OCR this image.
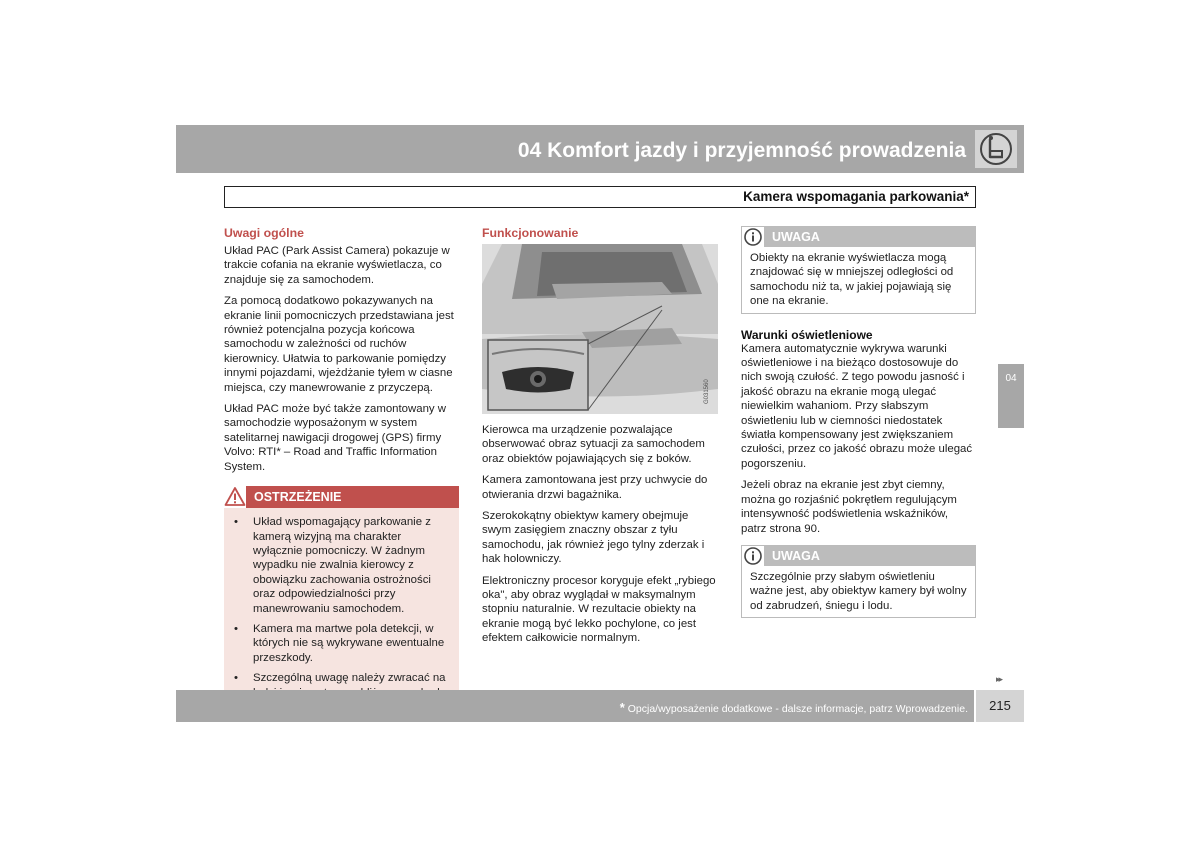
04 Komfort jazdy i przyjemność prowadzenia
Kamera wspomagania parkowania*
Uwagi ogólne

Układ PAC (Park Assist Camera) pokazuje w trakcie cofania na ekranie wyświetlacza, co znajduje się za samochodem.

Za pomocą dodatkowo pokazywanych na ekranie linii pomocniczych przedstawiana jest również potencjalna pozycja końcowa samochodu w zależności od ruchów kierownicy. Ułatwia to parkowanie pomiędzy innymi pojazdami, wjeżdżanie tyłem w ciasne miejsca, czy manewrowanie z przyczepą.

Układ PAC może być także zamontowany w samochodzie wyposażonym w system satelitarnej nawigacji drogowej (GPS) firmy Volvo: RTI* – Road and Traffic Information System.

OSTRZEŻENIE
• Układ wspomagający parkowanie z kamerą wizyjną ma charakter wyłącznie pomocniczy. W żadnym wypadku nie zwalnia kierowcy z obowiązku zachowania ostrożności oraz odpowiedzialności przy manewrowaniu samochodem.
• Kamera ma martwe pola detekcji, w których nie są wykrywane ewentualne przeszkody.
• Szczególną uwagę należy zwracać na
Funkcjonowanie
G031560

Kierowca ma urządzenie pozwalające obserwować obraz sytuacji za samochodem oraz obiektów pojawiających się z boków.

Kamera zamontowana jest przy uchwycie do otwierania drzwi bagażnika.

Szerokokątny obiektyw kamery obejmuje swym zasięgiem znaczny obszar z tyłu samochodu, jak również jego tylny zderzak i hak holowniczy.

Elektroniczny procesor koryguje efekt „rybiego oka", aby obraz wyglądał w maksymalnym stopniu naturalnie. W rezultacie obiekty na ekranie mogą być lekko pochylone, co jest efektem całkowicie normalnym.

UWAGA
Obiekty na ekranie wyświetlacza mogą znajdować się w mniejszej odległości od samochodu niż ta, w jakiej pojawiają się one na ekranie.
Warunki oświetleniowe

Kamera automatycznie wykrywa warunki oświetleniowe i na bieżąco dostosowuje do nich swoją czułość. Z tego powodu jasność i jakość obrazu na ekranie mogą ulegać niewielkim wahaniom. Przy słabszym oświetleniu lub w ciemności niedostatek światła kompensowany jest zwiększaniem czułości, przez co jakość obrazu może ulegać pogorszeniu.

Jeżeli obraz na ekranie jest zbyt ciemny, można go rozjaśnić pokrętłem regulującym intensywność podświetlenia wskaźników, patrz strona 90.

UWAGA
Szczególnie przy słabym oświetleniu ważne jest, aby obiektyw kamery był wolny od zabrudzeń, śniegu i lodu.
04
▸▸
* Opcja/wyposażenie dodatkowe - dalsze informacje, patrz Wprowadzenie.	215
